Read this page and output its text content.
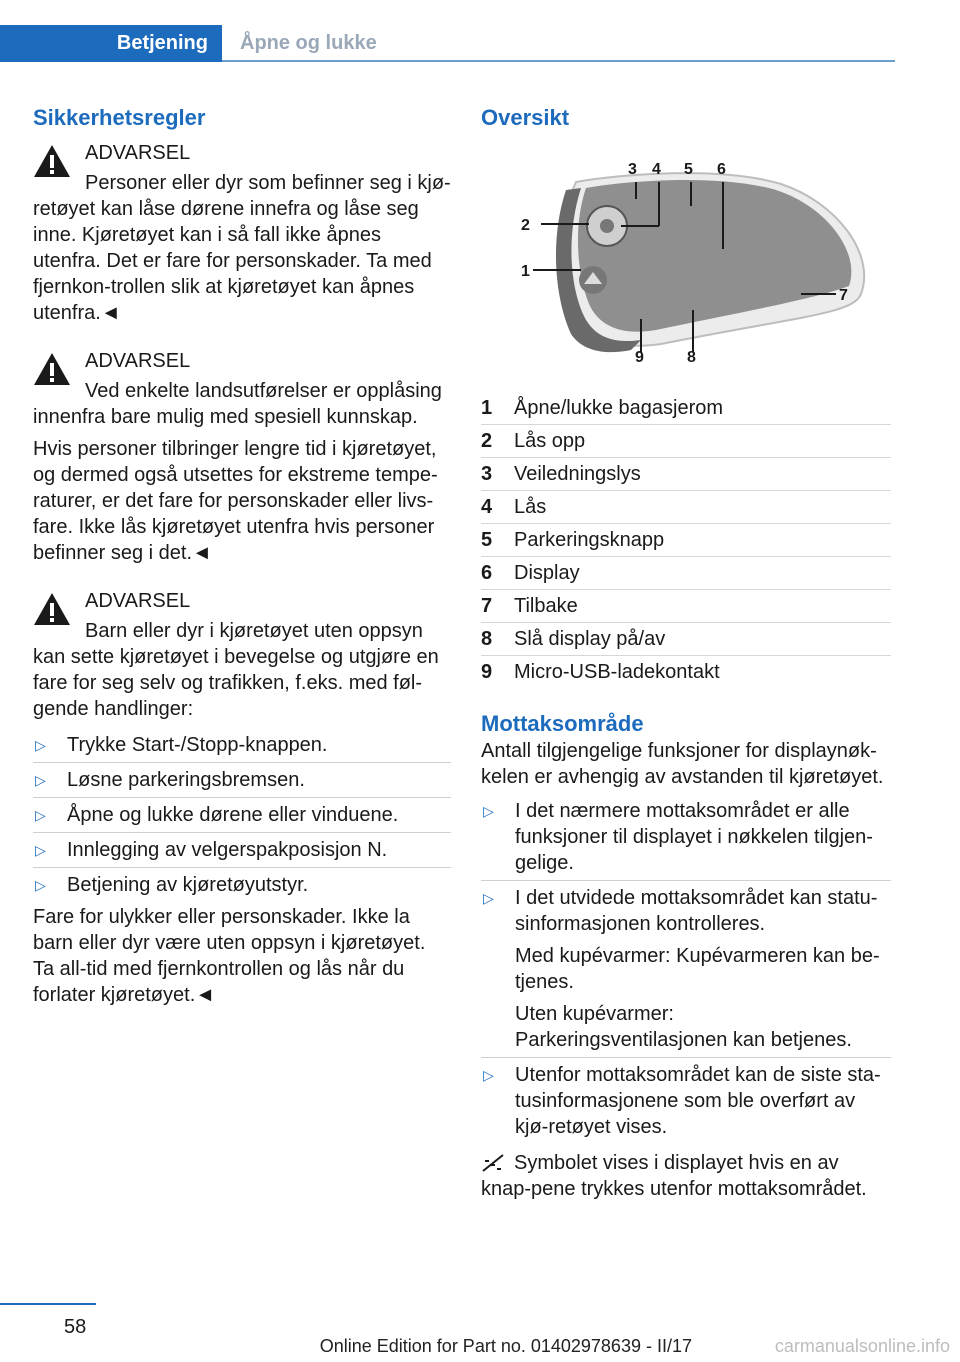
Betjening	Åpne og lukke
Sikkerhetsregler

ADVARSEL

Personer eller dyr som befinner seg i kjø-

retøyet kan låse dørene innefra og låse seg inne. Kjøretøyet kan i så fall ikke åpnes utenfra. Det er fare for personskader. Ta med fjernkon-trollen slik at kjøretøyet kan åpnes utenfra.◄

ADVARSEL

Ved enkelte landsutførelser er opplåsing

innenfra bare mulig med spesiell kunnskap.

Hvis personer tilbringer lengre tid i kjøretøyet, og dermed også utsettes for ekstreme tempe-raturer, er det fare for personskader eller livs-fare. Ikke lås kjøretøyet utenfra hvis personer befinner seg i det.◄

ADVARSEL

Barn eller dyr i kjøretøyet uten oppsyn

kan sette kjøretøyet i bevegelse og utgjøre en fare for seg selv og trafikken, f.eks. med føl-gende handlinger:

▷ Trykke Start-/Stopp-knappen.
▷ Løsne parkeringsbremsen.
▷ Åpne og lukke dørene eller vinduene.
▷ Innlegging av velgerspakposisjon N.
▷ Betjening av kjøretøyutstyr.

Fare for ulykker eller personskader. Ikke la barn eller dyr være uten oppsyn i kjøretøyet. Ta all-tid med fjernkontrollen og lås når du forlater kjøretøyet.◄

Oversikt
3 4 5 6
2
1
7
8
9
1 Åpne/lukke bagasjerom
2 Lås opp
3 Veiledningslys
4 Lås
5 Parkeringsknapp
6 Display
7 Tilbake
8 Slå display på/av
9 Micro-USB-ladekontakt
Mottaksområde

Antall tilgjengelige funksjoner for displaynøk-kelen er avhengig av avstanden til kjøretøyet.

▷ I det nærmere mottaksområdet er alle funksjoner til displayet i nøkkelen tilgjen-gelige.
▷ I det utvidede mottaksområdet kan statu-sinformasjonen kontrolleres.

Med kupévarmer: Kupévarmeren kan be-tjenes.

Uten kupévarmer: Parkeringsventilasjonen kan betjenes.

▷ Utenfor mottaksområdet kan de siste sta-tusinformasjonene som ble overført av kjø-retøyet vises.

Symbolet vises i displayet hvis en av knap-pene trykkes utenfor mottaksområdet.

58
Online Edition for Part no. 01402978639 - II/17	carmanualsonline.info
